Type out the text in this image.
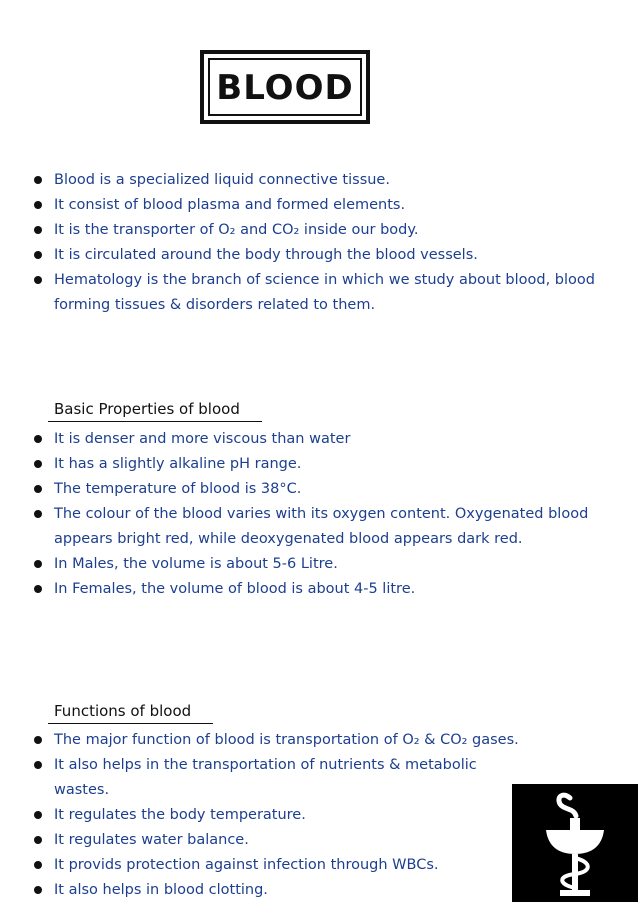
BLOOD
Blood is a specialized liquid connective tissue.
It consist of blood plasma and formed elements.
It is the transporter of O₂ and CO₂ inside our body.
It is circulated around the body through the blood vessels.
Hematology is the branch of science in which we study about blood, blood forming tissues & disorders related to them.
Basic Properties of blood
It is denser and more viscous than water
It has a slightly alkaline pH range.
The temperature of blood is 38°C.
The colour of the blood varies with its oxygen content. Oxygenated blood appears bright red, while deoxygenated blood appears dark red.
In Males, the volume is about 5-6 Litre.
In Females, the volume of blood is about 4-5 litre.
Functions of blood
The major function of blood is transportation of O₂ & CO₂ gases.
It also helps in the transportation of nutrients & metabolic wastes.
It regulates the body temperature.
It regulates water balance.
It provids protection against infection through WBCs.
It also helps in blood clotting.
